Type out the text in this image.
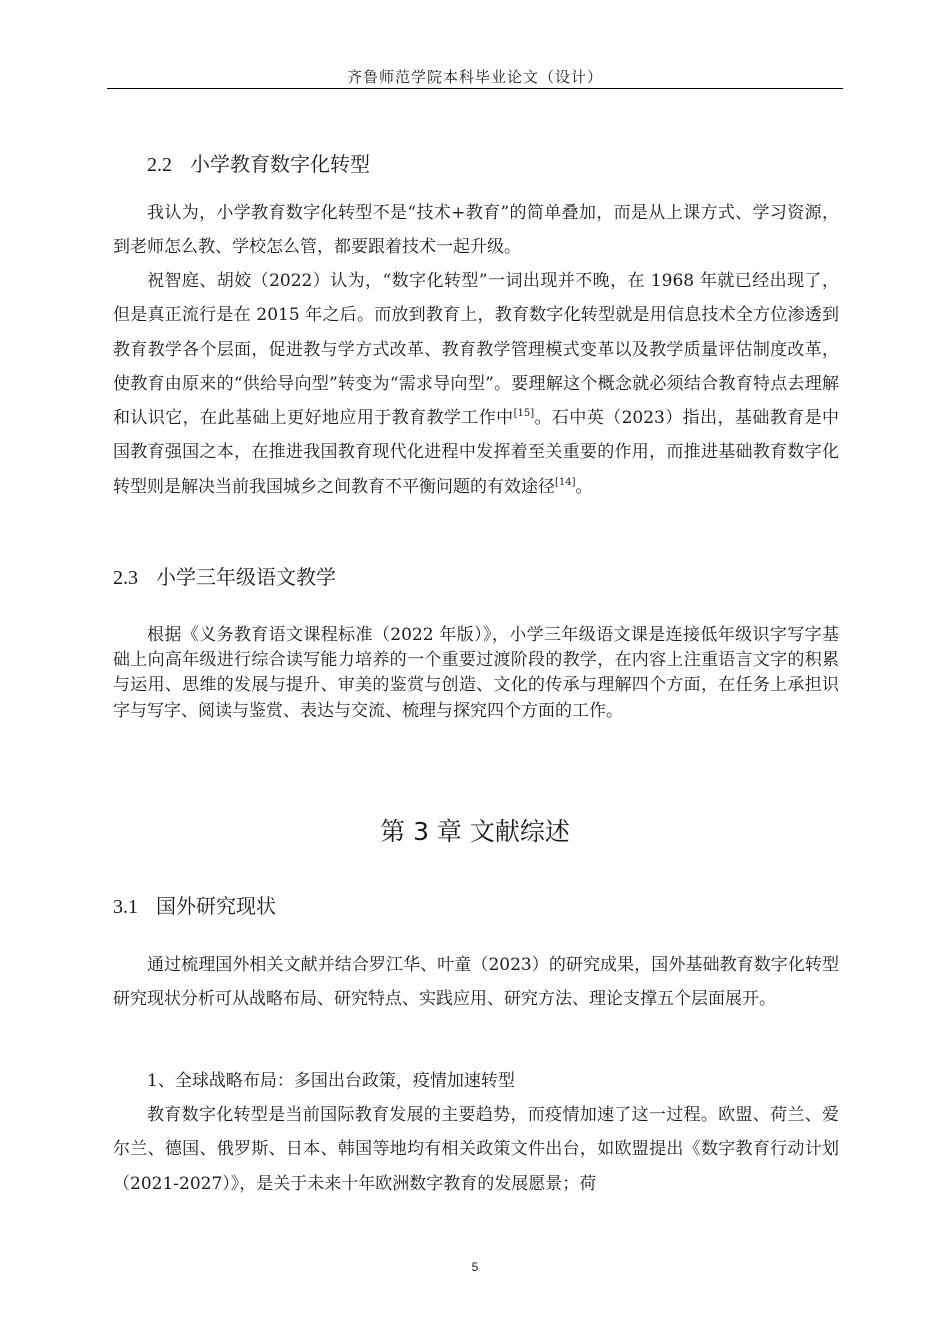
齐鲁师范学院本科毕业论文（设计）
2.2 小学教育数字化转型

我认为，小学教育数字化转型不是“技术+教育”的简单叠加，而是从上课方式、学习资源，到老师怎么教、学校怎么管，都要跟着技术一起升级。

祝智庭、胡姣（2022）认为，“数字化转型”一词出现并不晚，在 1968 年就已经出现了，但是真正流行是在 2015 年之后。而放到教育上，教育数字化转型就是用信息技术全方位渗透到教育教学各个层面，促进教与学方式改革、教育教学管理模式变革以及教学质量评估制度改革，使教育由原来的“供给导向型”转变为“需求导向型”。要理解这个概念就必须结合教育特点去理解和认识它，在此基础上更好地应用于教育教学工作中[15]。石中英（2023）指出，基础教育是中国教育强国之本，在推进我国教育现代化进程中发挥着至关重要的作用，而推进基础教育数字化转型则是解决当前我国城乡之间教育不平衡问题的有效途径[14]。

2.3 小学三年级语文教学

根据《义务教育语文课程标准（2022 年版）》，小学三年级语文课是连接低年级识字写字基础上向高年级进行综合读写能力培养的一个重要过渡阶段的教学，在内容上注重语言文字的积累与运用、思维的发展与提升、审美的鉴赏与创造、文化的传承与理解四个方面，在任务上承担识字与写字、阅读与鉴赏、表达与交流、梳理与探究四个方面的工作。

第 3 章 文献综述
3.1 国外研究现状

通过梳理国外相关文献并结合罗江华、叶童（2023）的研究成果，国外基础教育数字化转型研究现状分析可从战略布局、研究特点、实践应用、研究方法、理论支撑五个层面展开。

1、全球战略布局：多国出台政策，疫情加速转型

教育数字化转型是当前国际教育发展的主要趋势，而疫情加速了这一过程。欧盟、荷兰、爱尔兰、德国、俄罗斯、日本、韩国等地均有相关政策文件出台，如欧盟提出《数字教育行动计划（2021-2027）》，是关于未来十年欧洲数字教育的发展愿景；荷

5
